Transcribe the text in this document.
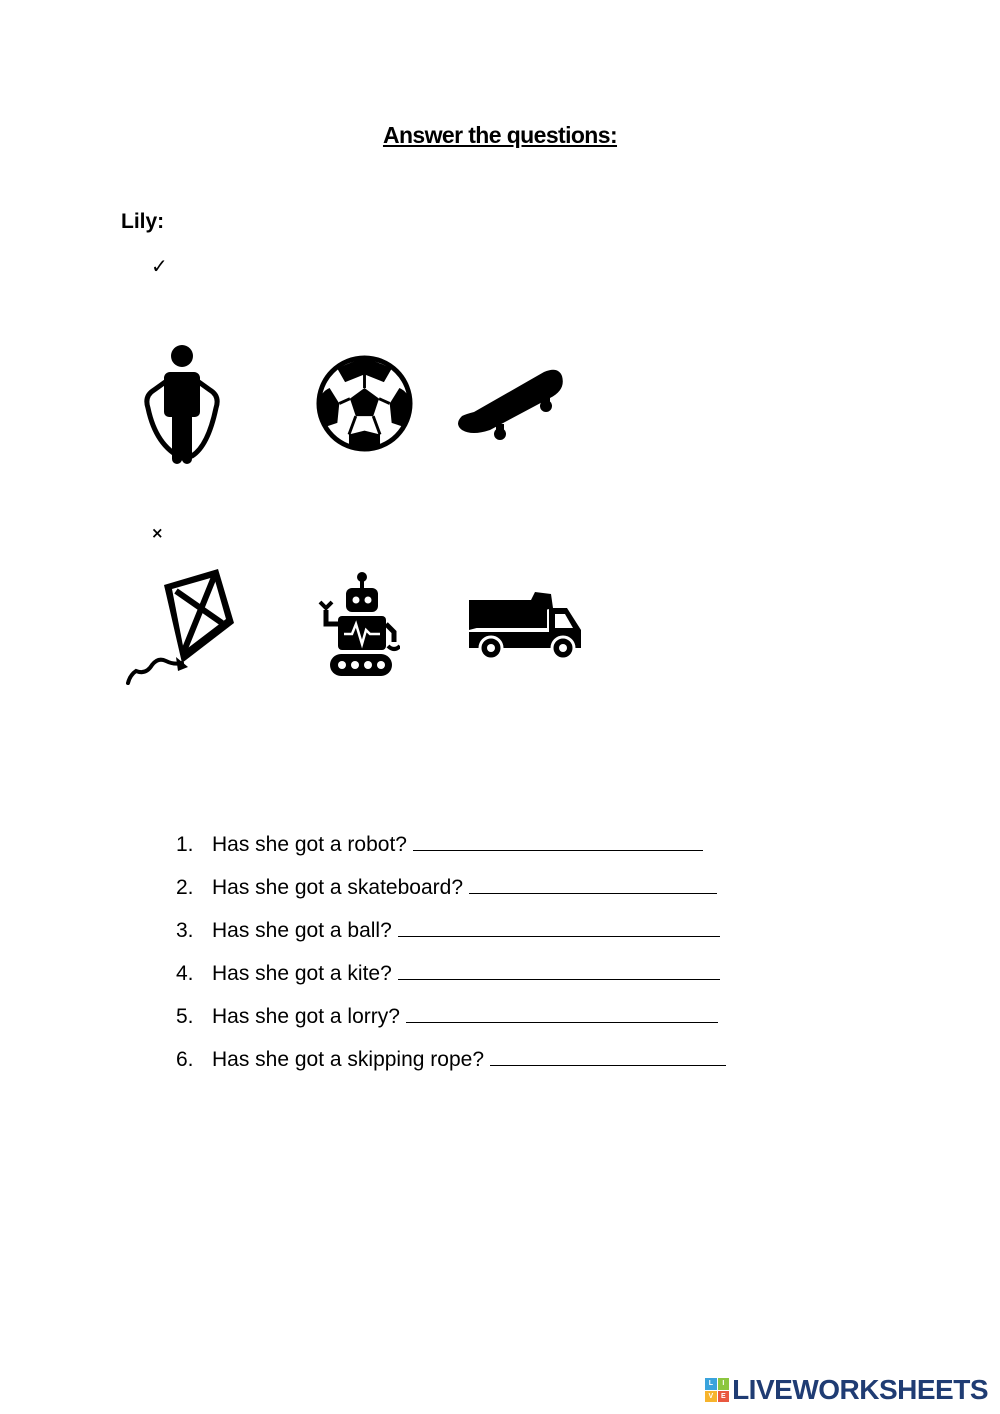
Answer the questions:
Lily:
✓
×
1. Has she got a robot?
2. Has she got a skateboard?
3. Has she got a ball?
4. Has she got a kite?
5. Has she got a lorry?
6. Has she got a skipping rope?
L	I
V	E LIVEWORKSHEETS
